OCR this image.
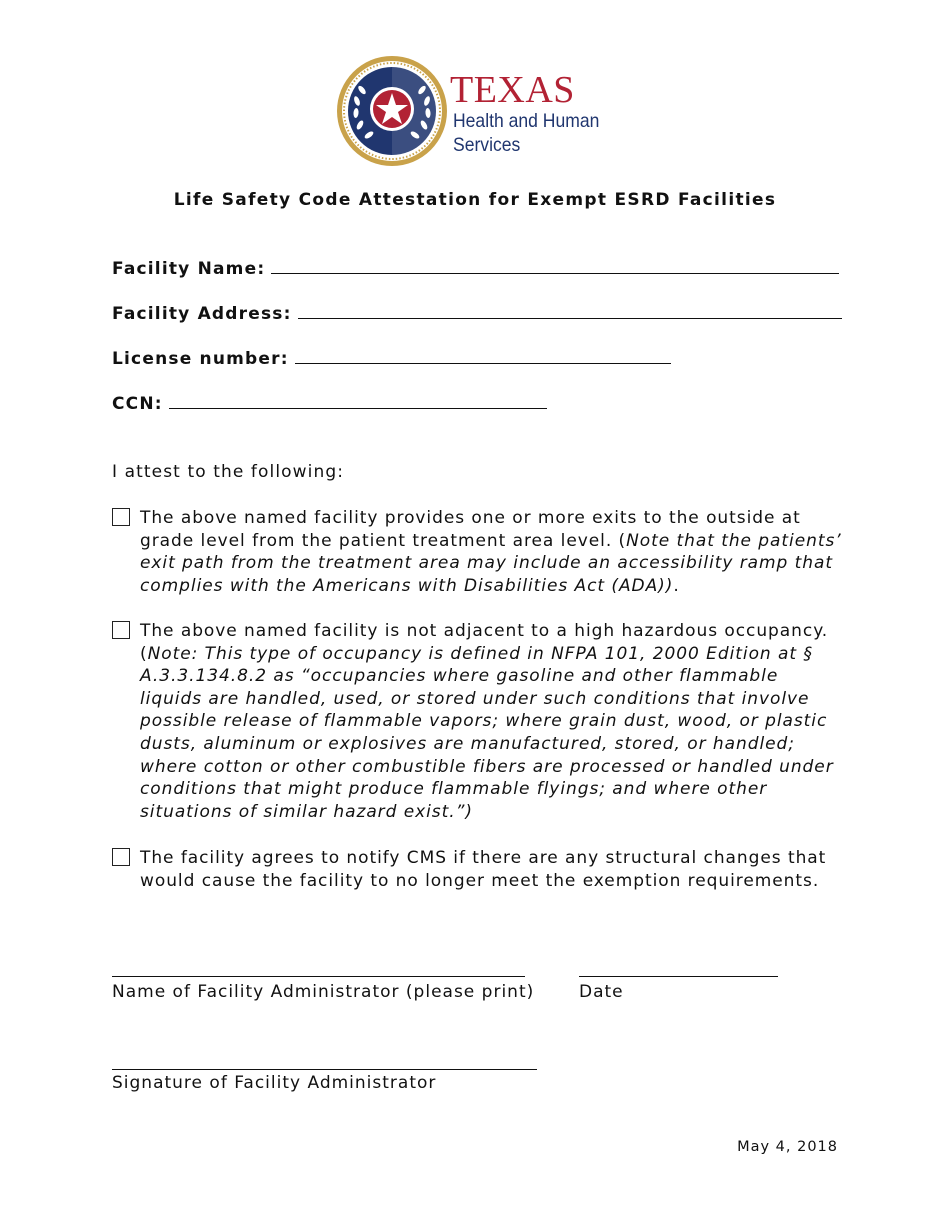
TEXAS
Health and Human
Services
Life Safety Code Attestation for Exempt ESRD Facilities
Facility Name:
Facility Address:
License number:
CCN:
I attest to the following:
The above named facility provides one or more exits to the outside at grade level from the patient treatment area level. (Note that the patients’ exit path from the treatment area may include an accessibility ramp that complies with the Americans with Disabilities Act (ADA)).
The above named facility is not adjacent to a high hazardous occupancy. (Note: This type of occupancy is defined in NFPA 101, 2000 Edition at § A.3.3.134.8.2 as “occupancies where gasoline and other flammable liquids are handled, used, or stored under such conditions that involve possible release of flammable vapors; where grain dust, wood, or plastic dusts, aluminum or explosives are manufactured, stored, or handled; where cotton or other combustible fibers are processed or handled under conditions that might produce flammable flyings; and where other situations of similar hazard exist.”)
The facility agrees to notify CMS if there are any structural changes that would cause the facility to no longer meet the exemption requirements.
Name of Facility Administrator (please print)	Date
Signature of Facility Administrator
May 4, 2018
